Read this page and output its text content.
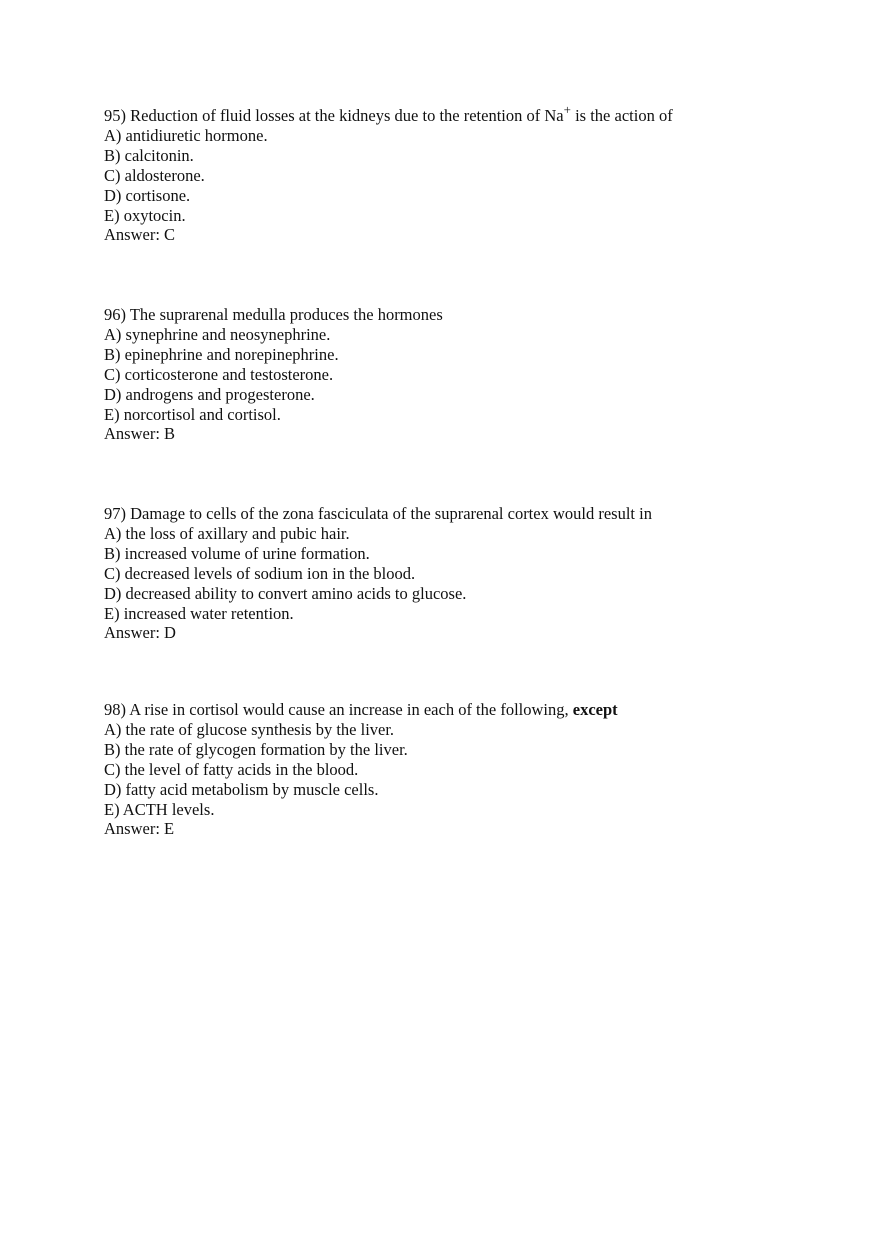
95) Reduction of fluid losses at the kidneys due to the retention of Na+ is the action of
A) antidiuretic hormone.
B) calcitonin.
C) aldosterone.
D) cortisone.
E) oxytocin.
Answer: C
96) The suprarenal medulla produces the hormones
A) synephrine and neosynephrine.
B) epinephrine and norepinephrine.
C) corticosterone and testosterone.
D) androgens and progesterone.
E) norcortisol and cortisol.
Answer: B
97) Damage to cells of the zona fasciculata of the suprarenal cortex would result in
A) the loss of axillary and pubic hair.
B) increased volume of urine formation.
C) decreased levels of sodium ion in the blood.
D) decreased ability to convert amino acids to glucose.
E) increased water retention.
Answer: D
98) A rise in cortisol would cause an increase in each of the following, except
A) the rate of glucose synthesis by the liver.
B) the rate of glycogen formation by the liver.
C) the level of fatty acids in the blood.
D) fatty acid metabolism by muscle cells.
E) ACTH levels.
Answer: E
